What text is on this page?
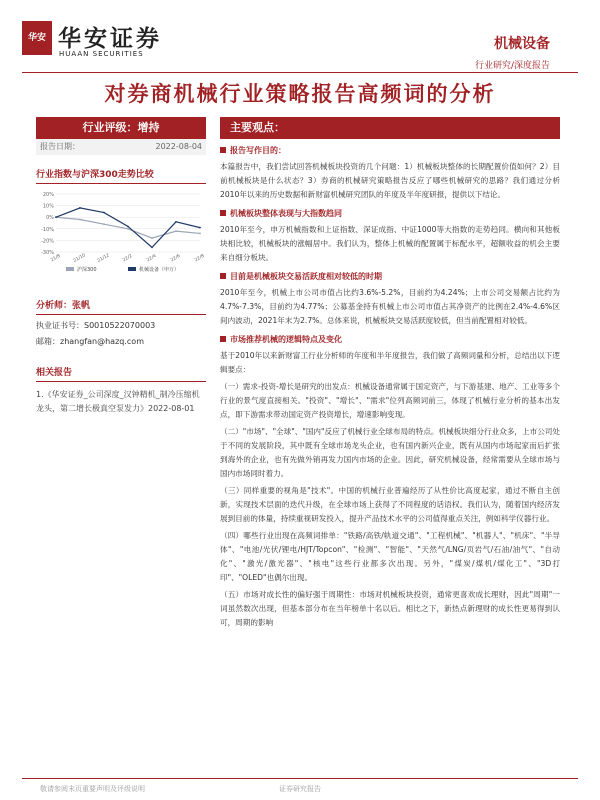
华安 华安证券
HUAAN SECURITIES
机械设备
行业研究/深度报告
对券商机械行业策略报告高频词的分析
行业评级：增持
报告日期：	2022-08-04
行业指数与沪深300走势比较
-30%
-20%
-10%
0%
10%
20%
21/8	21/10 21/12	22/2	22/4	22/6	22/8
沪深300	机械设备（申万）
分析师：张帆
执业证书号：S0010522070003
邮箱：zhangfan@hazq.com
相关报告
1.《华安证券_公司深度_汉钟精机_制冷压缩机龙头，第二增长极真空泵发力》2022-08-01
主要观点：
报告写作目的：
本篇报告中，我们尝试回答机械板块投资的几个问题：1）机械板块整体的长期配置价值如何？2）目前机械板块是什么状态？3）券商的机械研究策略报告反应了哪些机械研究的思路？我们通过分析2010年以来的历史数据和新财富机械研究团队的年度及半年度研报，提供以下结论。
机械板块整体表现与大指数趋同
2010年至今，申万机械指数和上证指数、深证成指、中证1000等大指数的走势趋同。横向和其他板块相比较，机械板块的涨幅居中。我们认为，整体上机械的配置属于标配水平，超额收益的机会主要来自细分板块。
目前是机械板块交易活跃度相对较低的时期
2010年至今，机械上市公司市值占比约3.6%-5.2%，目前约为4.24%；上市公司交易额占比约为4.7%-7.3%，目前约为4.77%；公募基金持有机械上市公司市值占其净资产的比例在2.4%-4.6%区间内波动，2021年末为2.7%。总体来说，机械板块交易活跃度较低，但当前配置相对较低。
市场推荐机械的逻辑特点及变化
基于2010年以来新财富工行业分析师的年度和半年度报告，我们做了高频词量和分析，总结出以下逻辑要点：
（一）需求-投资-增长是研究的出发点：机械设备通常属于国定资产，与下游基建、地产、工业等多个行业的景气度直接相关。"投资"、"增长"、"需求"位列高频词前三，体现了机械行业分析的基本出发点，即下游需求带动国定资产投资增长，增速影响变现。
（二）"市场"、"全球"、"国内"反应了机械行业全球布局的特点。机械板块细分行业众多，上市公司处于不同的发展阶段，其中既有全球市场龙头企业，也有国内新兴企业，既有从国内市场起家而后扩张到海外的企业，也有先做外销再发力国内市场的企业。因此，研究机械设备，经常需要从全球市场与国内市场同时着力。
（三）同样重要的视角是"技术"。中国的机械行业普遍经历了从性价比高度起家，通过不断自主创新，实现技术层面的迭代升级，在全球市场上获得了不同程度的话语权。我们认为，随着国内经济发展到目前的体量，持续重视研发投入，提升产品技术水平的公司值得重点关注，例如科学仪器行业。
（四）哪些行业出现在高频词排单："铁路/高铁/轨道交通"、"工程机械"、"机器人"、"机床"、"半导体"、"电池/光伏/锂电/HJT/Topcon"、"检测"、"智能"、"天然气/LNG/页岩气/石油/油气"、"自动化"、"激光/激光器"、"核电"这些行业都多次出现。另外，"煤炭/煤机/煤化工"、"3D打印"、"OLED"也偶尔出现。
（五）市场对成长性的偏好强于周期性：市场对机械板块投资，通常更喜欢成长理财，因此"周期"一词虽然数次出现，但基本部分布在当年榜单十名以后。相比之下，新热点新理财的成长性更易得到认可，周期的影响
敬请参阅末页重要声明及评级说明	证券研究报告
